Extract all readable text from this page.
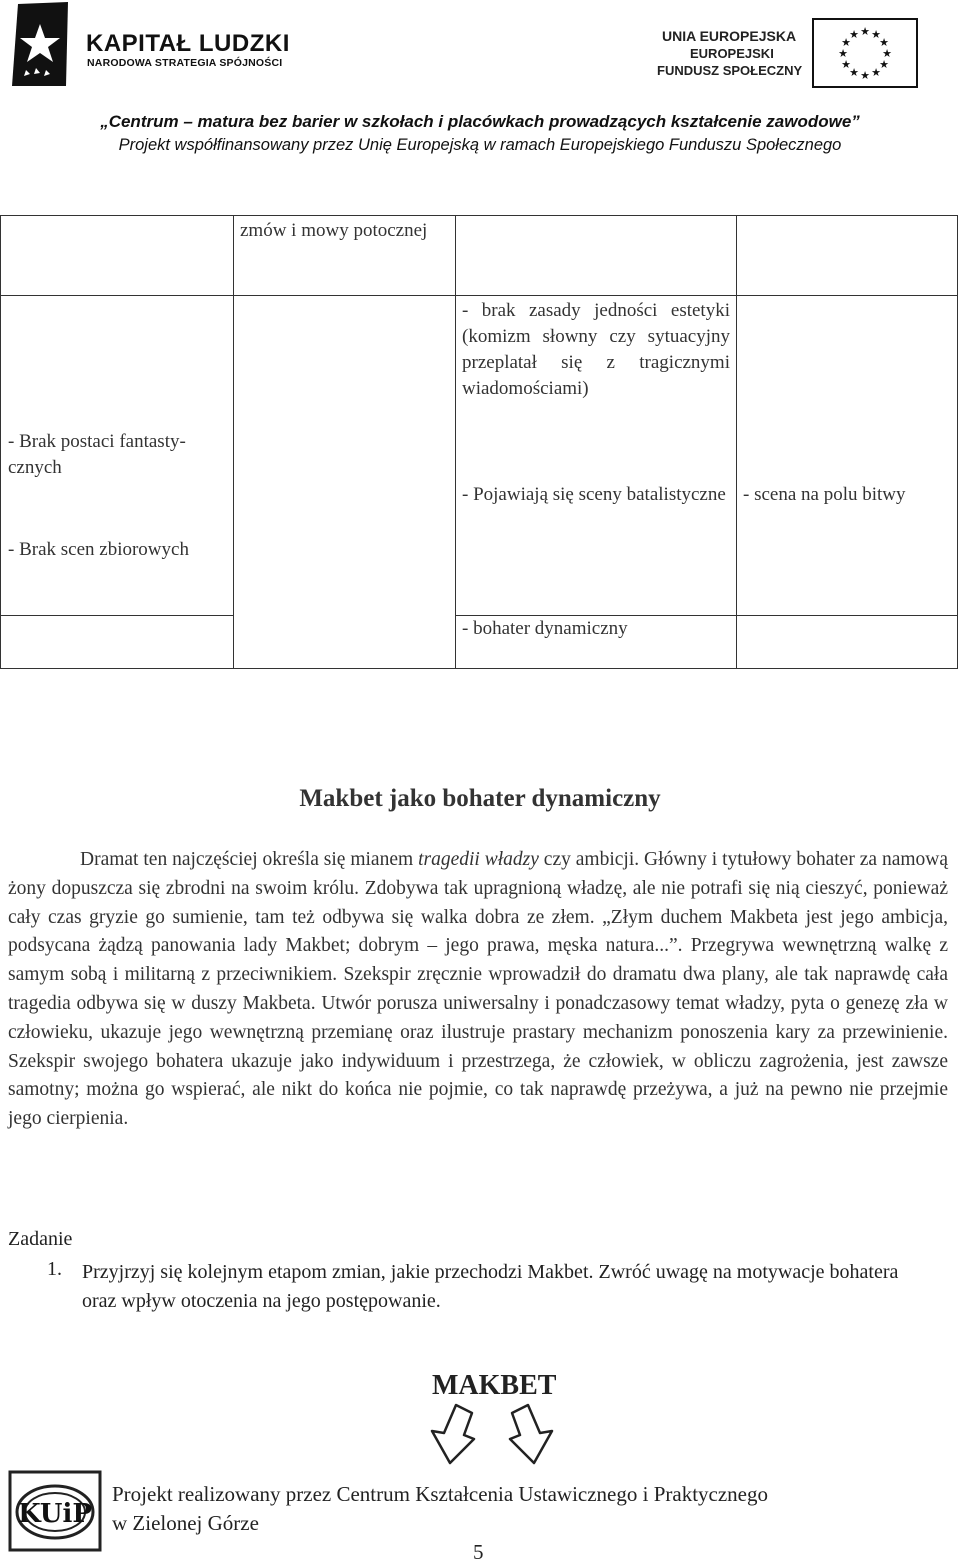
KAPITAŁ LUDZKI
NARODOWA STRATEGIA SPÓJNOŚCI
UNIA EUROPEJSKA
EUROPEJSKI
FUNDUSZ SPOŁECZNY
★ ★
★
★
★
★
★
★
★
★
★
★
„Centrum – matura bez barier w szkołach i placówkach prowadzących kształcenie zawodowe”
Projekt współfinansowany przez Unię Europejską w ramach Europejskiego Funduszu Społecznego
zmów i mowy potocznej
- Brak postaci fantasty-cznych
- Brak scen zbiorowych
- brak zasady jedności estetyki (komizm słowny czy sytuacyjny przeplatał się z tragicznymi wiadomościami)
- Pojawiają się sceny batalistyczne - scena na polu bitwy
- bohater dynamiczny
Makbet jako bohater dynamiczny
Dramat ten najczęściej określa się mianem tragedii władzy czy ambicji. Główny i tytułowy bohater za namową żony dopuszcza się zbrodni na swoim królu. Zdobywa tak upragnioną władzę, ale nie potrafi się nią cieszyć, ponieważ cały czas gryzie go sumienie, tam też odbywa się walka dobra ze złem. „Złym duchem Makbeta jest jego ambicja, podsycana żądzą panowania lady Makbet; dobrym – jego prawa, męska natura...”. Przegrywa wewnętrzną walkę z samym sobą i militarną z przeciwnikiem. Szekspir zręcznie wprowadził do dramatu dwa plany, ale tak naprawdę cała tragedia odbywa się w duszy Makbeta. Utwór porusza uniwersalny i ponadczasowy temat władzy, pyta o genezę zła w człowieku, ukazuje jego wewnętrzną przemianę oraz ilustruje prastary mechanizm ponoszenia kary za przewinienie. Szekspir swojego bohatera ukazuje jako indywiduum i przestrzega, że człowiek, w obliczu zagrożenia, jest zawsze samotny; można go wspierać, ale nikt do końca nie pojmie, co tak naprawdę przeżywa, a już na pewno nie przejmie jego cierpienia.
Zadanie
1. Przyjrzyj się kolejnym etapom zmian, jakie przechodzi Makbet. Zwróć uwagę na motywacje bohatera oraz wpływ otoczenia na jego postępowanie.
MAKBET
KUiP
Projekt realizowany przez Centrum Kształcenia Ustawicznego i Praktycznego
w Zielonej Górze
5
